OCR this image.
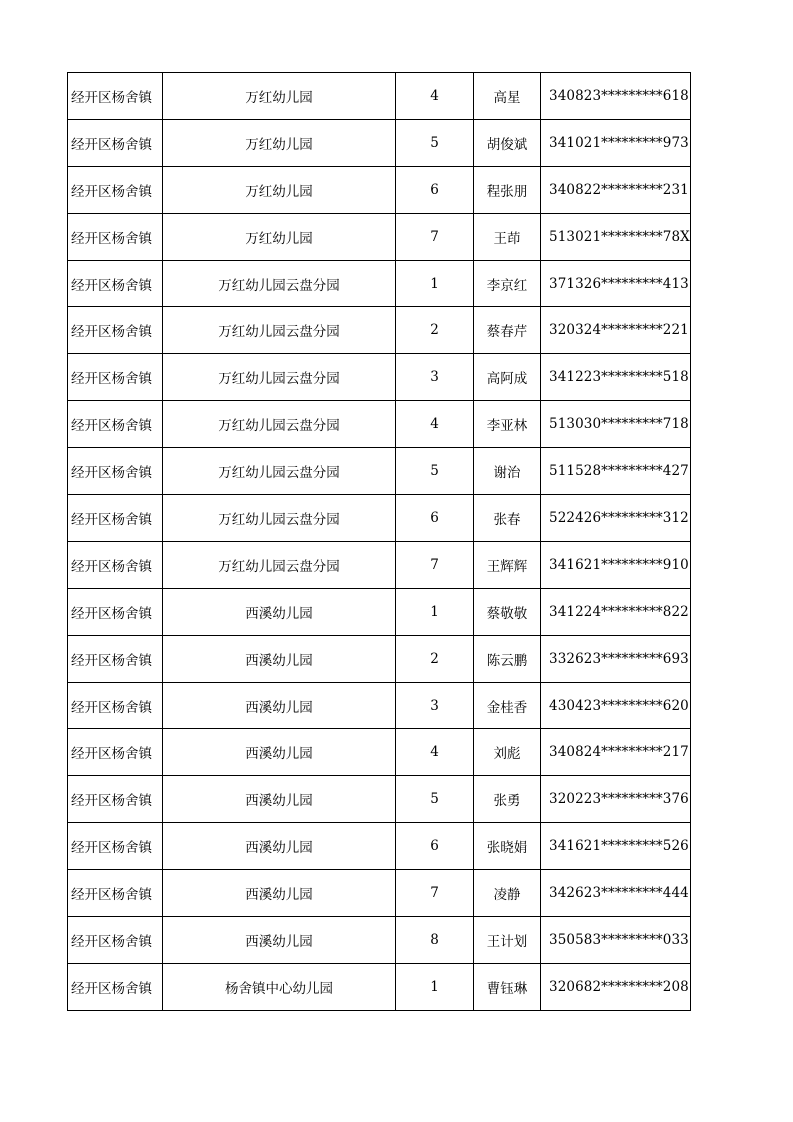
经开区杨舍镇	万红幼儿园	4	高星	340823*********618
经开区杨舍镇	万红幼儿园	5	胡俊斌	341021*********973
经开区杨舍镇	万红幼儿园	6	程张朋	340822*********231
经开区杨舍镇	万红幼儿园	7	王茚	513021*********78X
经开区杨舍镇	万红幼儿园云盘分园	1	李京红	371326*********413
经开区杨舍镇	万红幼儿园云盘分园	2	蔡春芹	320324*********221
经开区杨舍镇	万红幼儿园云盘分园	3	高阿成	341223*********518
经开区杨舍镇	万红幼儿园云盘分园	4	李亚林	513030*********718
经开区杨舍镇	万红幼儿园云盘分园	5	谢治	511528*********427
经开区杨舍镇	万红幼儿园云盘分园	6	张春	522426*********312
经开区杨舍镇	万红幼儿园云盘分园	7	王辉辉	341621*********910
经开区杨舍镇	西溪幼儿园	1	蔡敬敬	341224*********822
经开区杨舍镇	西溪幼儿园	2	陈云鹏	332623*********693
经开区杨舍镇	西溪幼儿园	3	金桂香	430423*********620
经开区杨舍镇	西溪幼儿园	4	刘彪	340824*********217
经开区杨舍镇	西溪幼儿园	5	张勇	320223*********376
经开区杨舍镇	西溪幼儿园	6	张晓娟	341621*********526
经开区杨舍镇	西溪幼儿园	7	凌静	342623*********444
经开区杨舍镇	西溪幼儿园	8	王计划	350583*********033
经开区杨舍镇	杨舍镇中心幼儿园	1	曹钰琳	320682*********208
